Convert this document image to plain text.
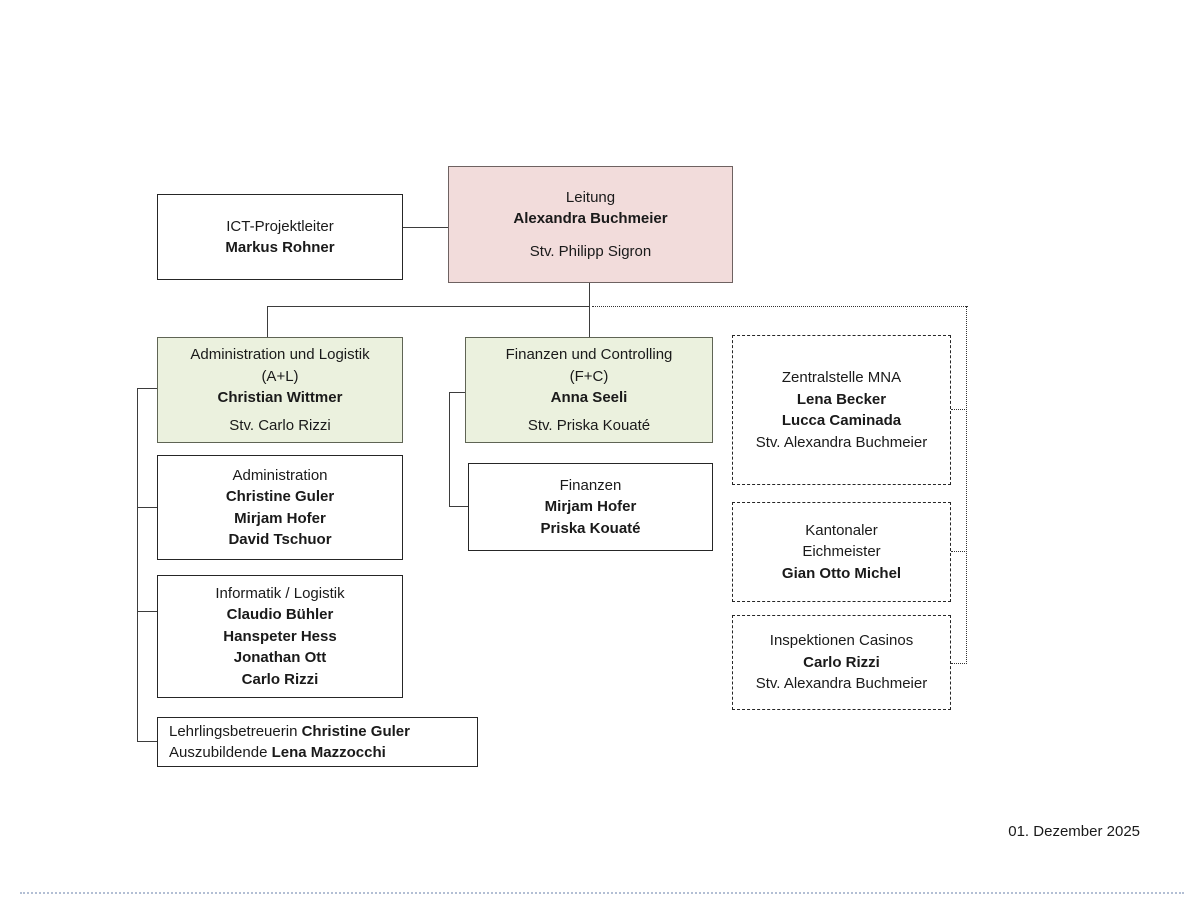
ICT-Projektleiter
Markus Rohner
Leitung
Alexandra Buchmeier
Stv. Philipp Sigron
Administration und Logistik
(A+L)
Christian Wittmer
Stv. Carlo Rizzi
Finanzen und Controlling
(F+C)
Anna Seeli
Stv. Priska Kouaté
Zentralstelle MNA
Lena Becker
Lucca Caminada
Stv. Alexandra Buchmeier
Administration
Christine Guler
Mirjam Hofer
David Tschuor
Finanzen
Mirjam Hofer
Priska Kouaté	Kantonaler
Eichmeister
Gian Otto Michel
Informatik / Logistik
Claudio Bühler
Hanspeter Hess
Jonathan Ott
Carlo Rizzi
Inspektionen Casinos
Carlo Rizzi
Stv. Alexandra Buchmeier
Lehrlingsbetreuerin Christine Guler
Auszubildende Lena Mazzocchi
01. Dezember 2025
